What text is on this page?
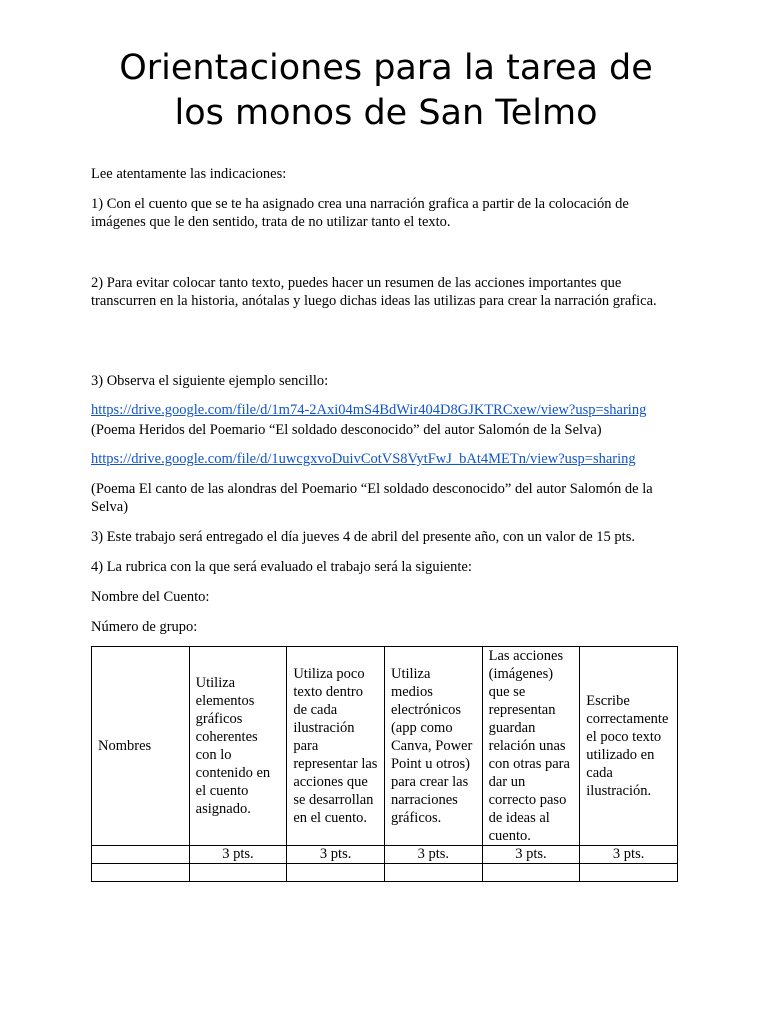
Orientaciones para la tarea de los monos de San Telmo

Lee atentamente las indicaciones:

1) Con el cuento que se te ha asignado crea una narración grafica a partir de la colocación de imágenes que le den sentido, trata de no utilizar tanto el texto.

2) Para evitar colocar tanto texto, puedes hacer un resumen de las acciones importantes que transcurren en la historia, anótalas y luego dichas ideas las utilizas para crear la narración grafica.

3) Observa el siguiente ejemplo sencillo:

https://drive.google.com/file/d/1m74-2Axi04mS4BdWir404D8GJKTRCxew/view?usp=sharing

(Poema Heridos del Poemario “El soldado desconocido” del autor Salomón de la Selva)

https://drive.google.com/file/d/1uwcgxvoDuivCotVS8VytFwJ_bAt4METn/view?usp=sharing

(Poema El canto de las alondras del Poemario “El soldado desconocido” del autor Salomón de la Selva)

3) Este trabajo será entregado el día jueves 4 de abril del presente año, con un valor de 15 pts.

4) La rubrica con la que será evaluado el trabajo será la siguiente:

Nombre del Cuento:

Número de grupo:

Nombres	Utiliza elementos gráficos coherentes con lo contenido en el cuento asignado.	Utiliza poco texto dentro de cada ilustración para representar las acciones que se desarrollan en el cuento.	Utiliza medios electrónicos (app como Canva, Power Point u otros) para crear las narraciones gráficos.	Las acciones (imágenes) que se representan guardan relación unas con otras para dar un correcto paso de ideas al cuento.	Escribe correctamente el poco texto utilizado en cada ilustración.
	3 pts.	3 pts.	3 pts.	3 pts.	3 pts.
